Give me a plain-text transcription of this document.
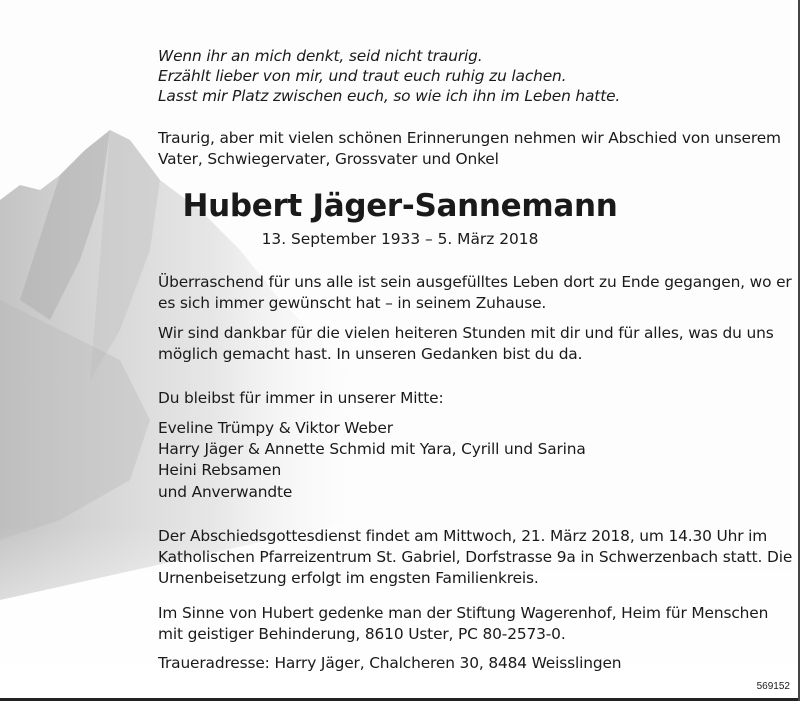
Wenn ihr an mich denkt, seid nicht traurig.
Erzählt lieber von mir, und traut euch ruhig zu lachen.
Lasst mir Platz zwischen euch, so wie ich ihn im Leben hatte.
Traurig, aber mit vielen schönen Erinnerungen nehmen wir Abschied von unserem
Vater, Schwiegervater, Grossvater und Onkel
Hubert Jäger-Sannemann
13. September 1933 – 5. März 2018
Überraschend für uns alle ist sein ausgefülltes Leben dort zu Ende gegangen, wo er
es sich immer gewünscht hat – in seinem Zuhause.
Wir sind dankbar für die vielen heiteren Stunden mit dir und für alles, was du uns
möglich gemacht hast. In unseren Gedanken bist du da.
Du bleibst für immer in unserer Mitte:
Eveline Trümpy & Viktor Weber
Harry Jäger & Annette Schmid mit Yara, Cyrill und Sarina
Heini Rebsamen
und Anverwandte
Der Abschiedsgottesdienst findet am Mittwoch, 21. März 2018, um 14.30 Uhr im
Katholischen Pfarreizentrum St. Gabriel, Dorfstrasse 9a in Schwerzenbach statt. Die
Urnenbeisetzung erfolgt im engsten Familienkreis.
Im Sinne von Hubert gedenke man der Stiftung Wagerenhof, Heim für Menschen
mit geistiger Behinderung, 8610 Uster, PC 80-2573-0.
Traueradresse: Harry Jäger, Chalcheren 30, 8484 Weisslingen
569152
